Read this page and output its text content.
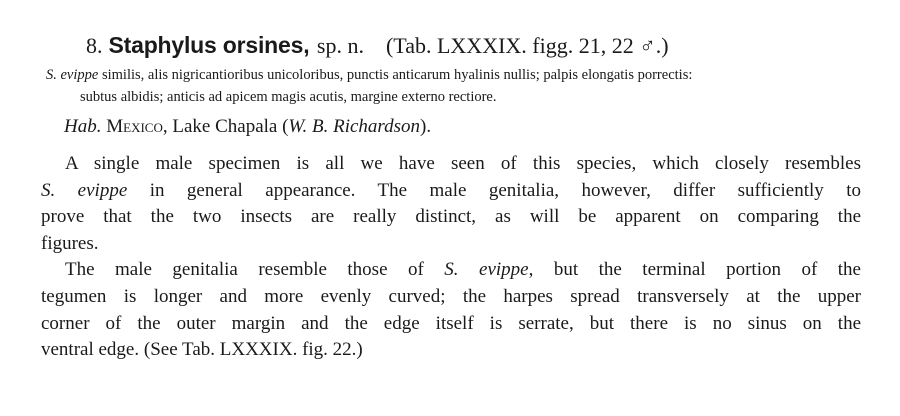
8. Staphylus orsines, sp. n. (Tab. LXXXIX. figg. 21, 22 ♂.)
S. evippe similis, alis nigricantioribus unicoloribus, punctis anticarum hyalinis nullis; palpis elongatis porrectis:
subtus albidis; anticis ad apicem magis acutis, margine externo rectiore.
Hab. Mexico, Lake Chapala (W. B. Richardson).
A single male specimen is all we have seen of this species, which closely resembles
S. evippe in general appearance. The male genitalia, however, differ sufficiently to
prove that the two insects are really distinct, as will be apparent on comparing the
figures.
The male genitalia resemble those of S. evippe, but the terminal portion of the
tegumen is longer and more evenly curved; the harpes spread transversely at the upper
corner of the outer margin and the edge itself is serrate, but there is no sinus on the
ventral edge. (See Tab. LXXXIX. fig. 22.)
